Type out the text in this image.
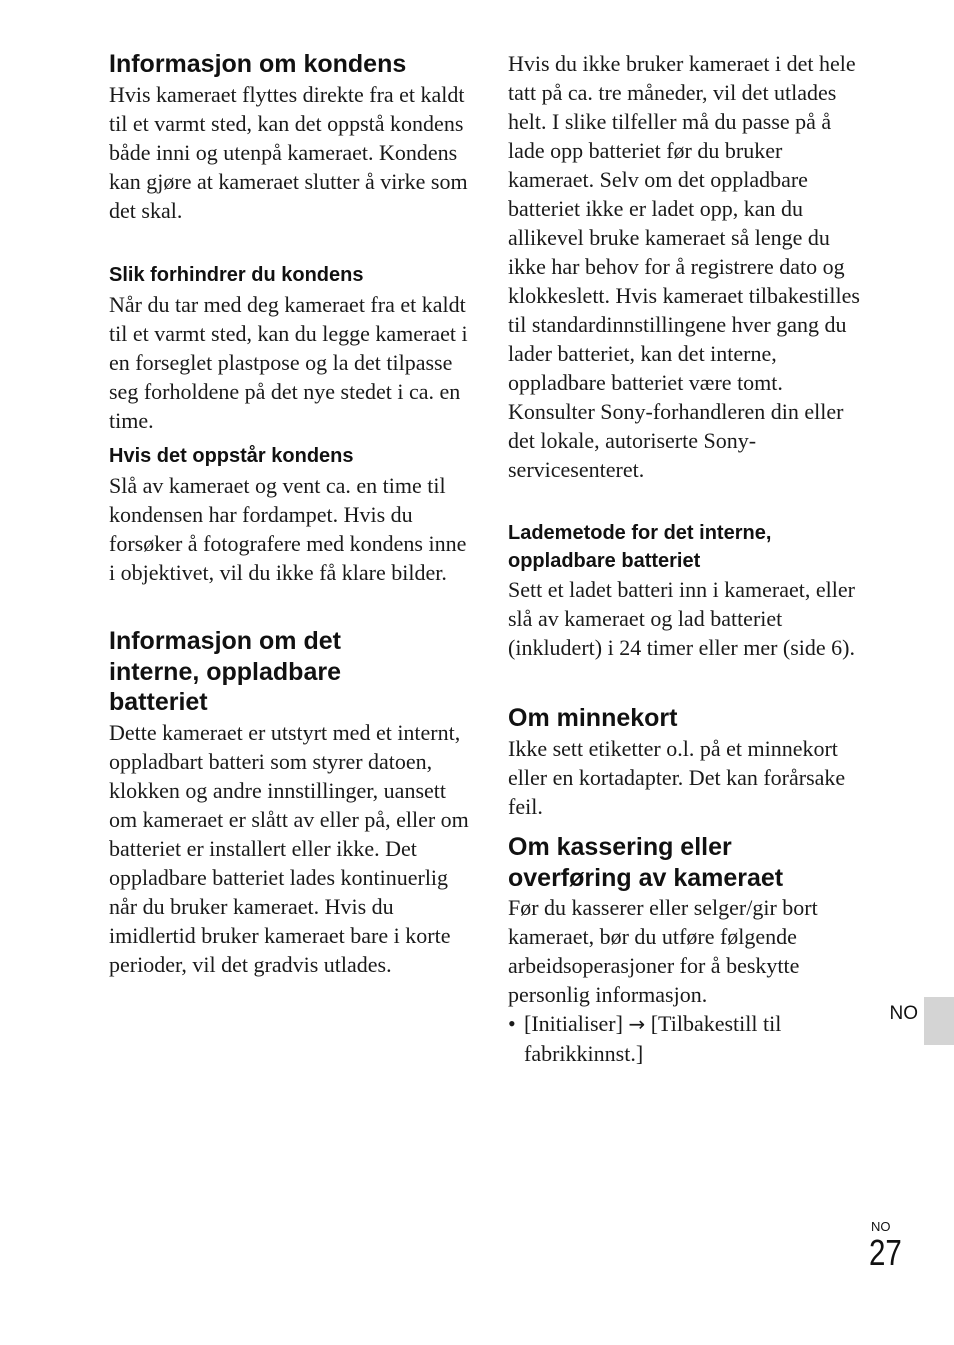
Informasjon om kondens

Hvis kameraet flyttes direkte fra et kaldt til et varmt sted, kan det oppstå kondens både inni og utenpå kameraet. Kondens kan gjøre at kameraet slutter å virke som det skal.

Slik forhindrer du kondens

Når du tar med deg kameraet fra et kaldt til et varmt sted, kan du legge kameraet i en forseglet plastpose og la det tilpasse seg forholdene på det nye stedet i ca. en time.

Hvis det oppstår kondens

Slå av kameraet og vent ca. en time til kondensen har fordampet. Hvis du forsøker å fotografere med kondens inne i objektivet, vil du ikke få klare bilder.

Informasjon om det interne, oppladbare batteriet

Dette kameraet er utstyrt med et internt, oppladbart batteri som styrer datoen, klokken og andre innstillinger, uansett om kameraet er slått av eller på, eller om batteriet er installert eller ikke. Det oppladbare batteriet lades kontinuerlig når du bruker kameraet. Hvis du imidlertid bruker kameraet bare i korte perioder, vil det gradvis utlades.

Hvis du ikke bruker kameraet i det hele tatt på ca. tre måneder, vil det utlades helt. I slike tilfeller må du passe på å lade opp batteriet før du bruker kameraet. Selv om det oppladbare batteriet ikke er ladet opp, kan du allikevel bruke kameraet så lenge du ikke har behov for å registrere dato og klokkeslett. Hvis kameraet tilbakestilles til standardinnstillingene hver gang du lader batteriet, kan det interne, oppladbare batteriet være tomt. Konsulter Sony-forhandleren din eller det lokale, autoriserte Sony-servicesenteret.

Lademetode for det interne, oppladbare batteriet

Sett et ladet batteri inn i kameraet, eller slå av kameraet og lad batteriet (inkludert) i 24 timer eller mer (side 6).

Om minnekort

Ikke sett etiketter o.l. på et minnekort eller en kortadapter. Det kan forårsake feil.

Om kassering eller overføring av kameraet

Før du kasserer eller selger/gir bort kameraet, bør du utføre følgende arbeidsoperasjoner for å beskytte personlig informasjon.

• [Initialiser] → [Tilbakestill til fabrikkinnst.]
NO
NO
27
